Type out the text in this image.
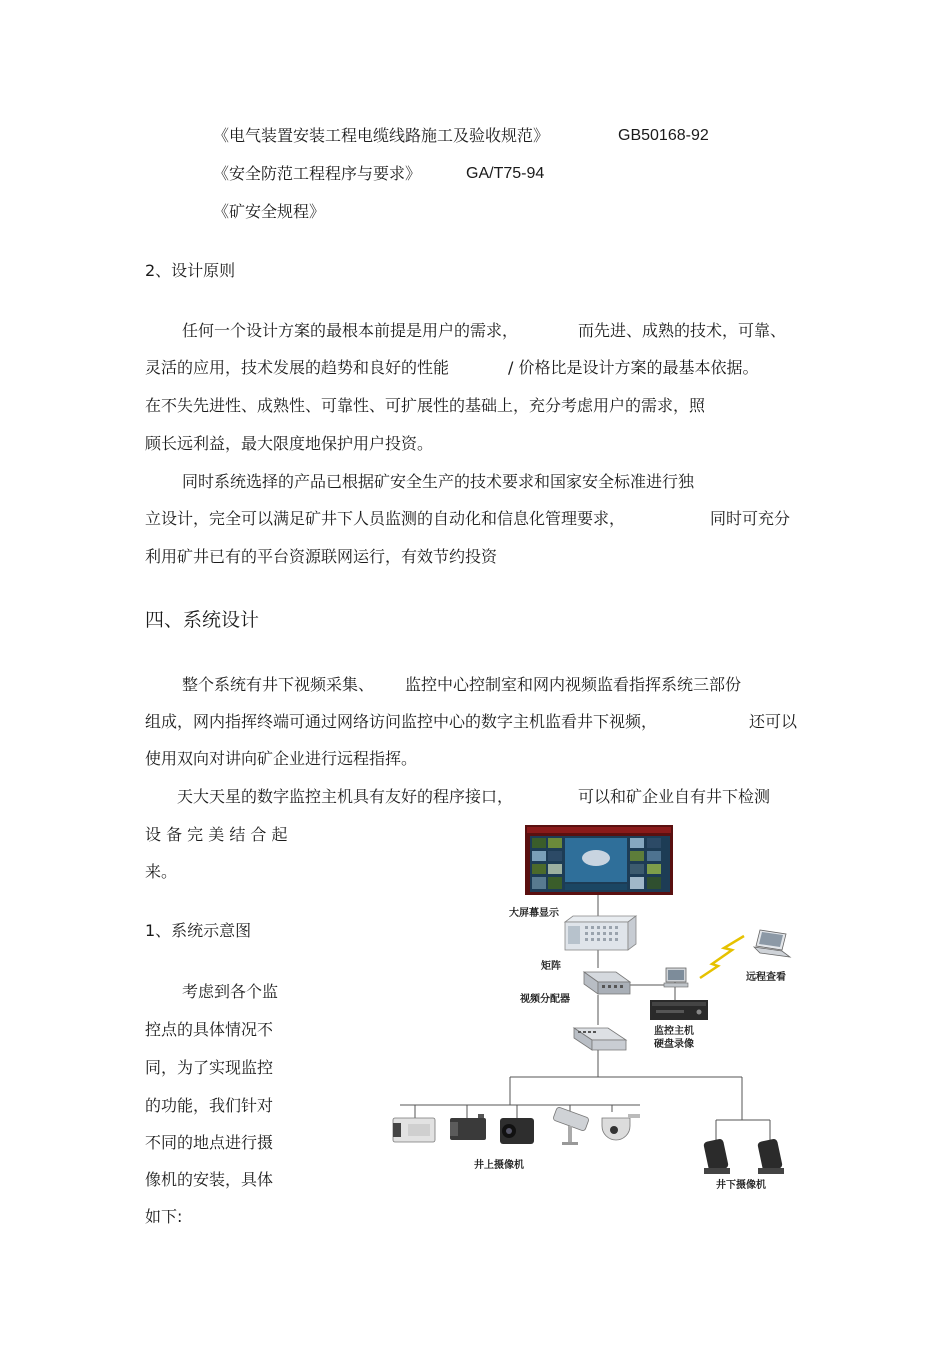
《电气装置安装工程电缆线路施工及验收规范》	GB50168-92
《安全防范工程程序与要求》	GA/T75-94
《矿安全规程》
2、设计原则
任何一个设计方案的最根本前提是用户的需求，	而先进、成熟的技术，可靠、
灵活的应用，技术发展的趋势和良好的性能	/ 价格比是设计方案的最基本依据。
在不失先进性、成熟性、可靠性、可扩展性的基础上，充分考虑用户的需求，照
顾长远利益，最大限度地保护用户投资。
同时系统选择的产品已根据矿安全生产的技术要求和国家安全标准进行独
立设计，完全可以满足矿井下人员监测的自动化和信息化管理要求，	同时可充分
利用矿井已有的平台资源联网运行，有效节约投资
四、系统设计
整个系统有井下视频采集、 监控中心控制室和网内视频监看指挥系统三部份
组成，网内指挥终端可通过网络访问监控中心的数字主机监看井下视频，	还可以
使用双向对讲向矿企业进行远程指挥。
天大天星的数字监控主机具有友好的程序接口，	可以和矿企业自有井下检测
设 备 完 美 结 合 起
来。
1、系统示意图
考虑到各个监
控点的具体情况不
同，为了实现监控
的功能，我们针对
不同的地点进行摄
像机的安装，具体
如下:
大屏幕显示
矩阵
视频分配器
远程查看
监控主机
硬盘录像
井上摄像机
井下摄像机
